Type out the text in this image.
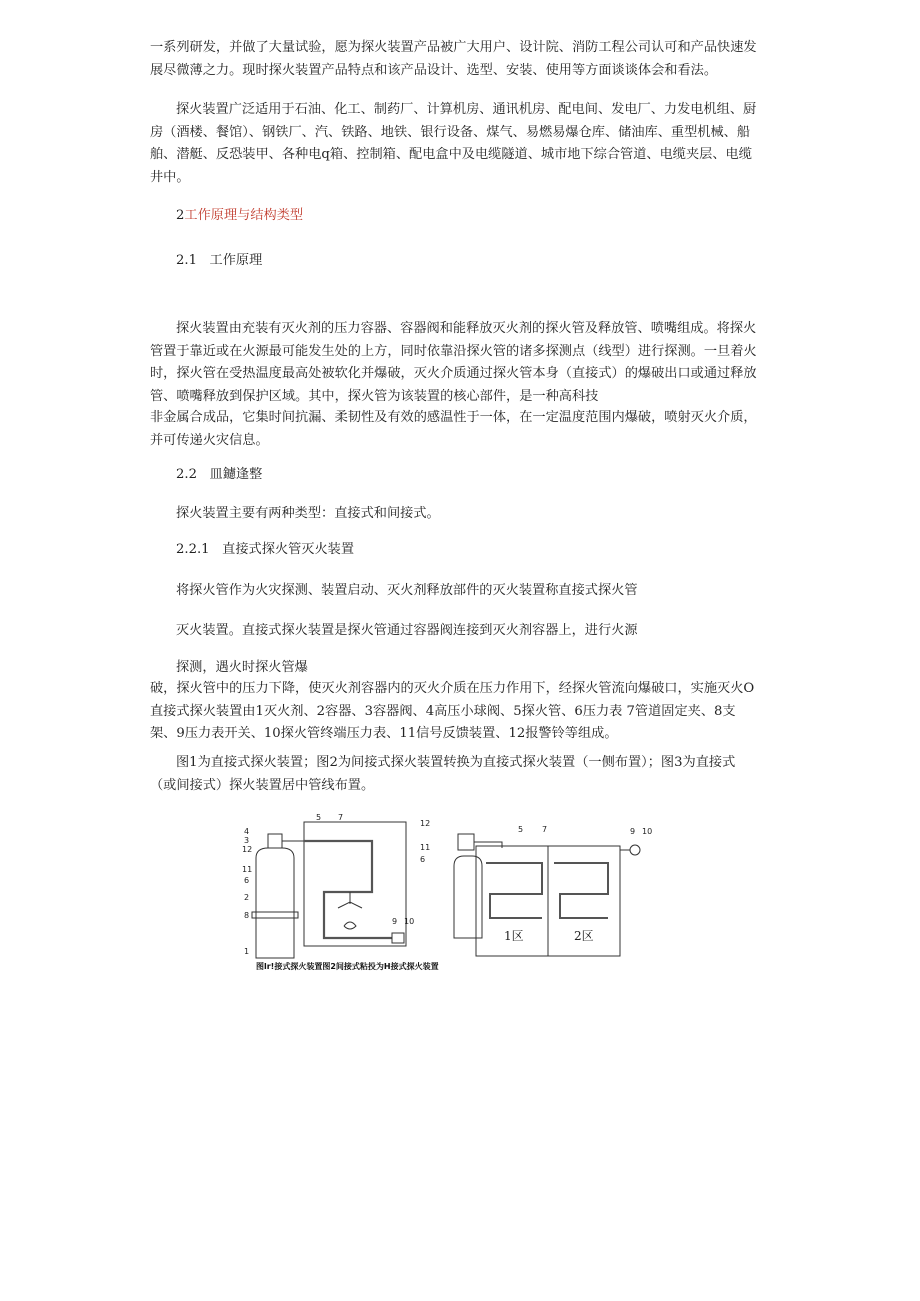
一系列研发，并做了大量试验，愿为探火装置产品被广大用户、设计院、消防工程公司认可和产品快速发展尽微薄之力。现时探火装置产品特点和该产品设计、选型、安装、使用等方面谈谈体会和看法。

探火装置广泛适用于石油、化工、制药厂、计算机房、通讯机房、配电间、发电厂、力发电机组、厨房（酒楼、餐馆）、钢铁厂、汽、铁路、地铁、银行设备、煤气、易燃易爆仓库、储油库、重型机械、船舶、潜艇、反恐装甲、各种电q箱、控制箱、配电盒中及电缆隧道、城市地下综合管道、电缆夹层、电缆井中。

2工作原理与结构类型

2.1   工作原理

探火装置由充装有灭火剂的压力容器、容器阀和能释放灭火剂的探火管及释放管、喷嘴组成。将探火管置于靠近或在火源最可能发生处的上方，同时依靠沿探火管的诸多探测点（线型）进行探测。一旦着火时，探火管在受热温度最高处被软化并爆破，灭火介质通过探火管本身（直接式）的爆破出口或通过释放管、喷嘴释放到保护区域。其中，探火管为该装置的核心部件，是一种高科技

非金属合成品，它集时间抗漏、柔韧性及有效的感温性于一体，在一定温度范围内爆破，喷射灭火介质，并可传递火灾信息。

2.2   皿鑢逢整

探火装置主要有两种类型：直接式和间接式。

2.2.1   直接式探火管灭火装置

将探火管作为火灾探测、装置启动、灭火剂释放部件的灭火装置称直接式探火管

灭火装置。直接式探火装置是探火管通过容器阀连接到灭火剂容器上，进行火源

探测，遇火时探火管爆

破，探火管中的压力下降，使灭火剂容器内的灭火介质在压力作用下，经探火管流向爆破口，实施灭火O直接式探火装置由1灭火剂、2容器、3容器阀、4高压小球阀、5探火管、6压力表 7管道固定夹、8支架、9压力表开关、10探火管终端压力表、11信号反馈装置、12报警铃等组成。

图1为直接式探火装置；图2为间接式探火装置转换为直接式探火装置（一侧布置）；图3为直接式（或间接式）探火装置居中管线布置。

4
3
12
11
6
2
8
1
5 7
9 10
12
11
6
5 7	9 10
1区	2区
图lr!接式探火装置图2间接式粘投为H接式探火装置
